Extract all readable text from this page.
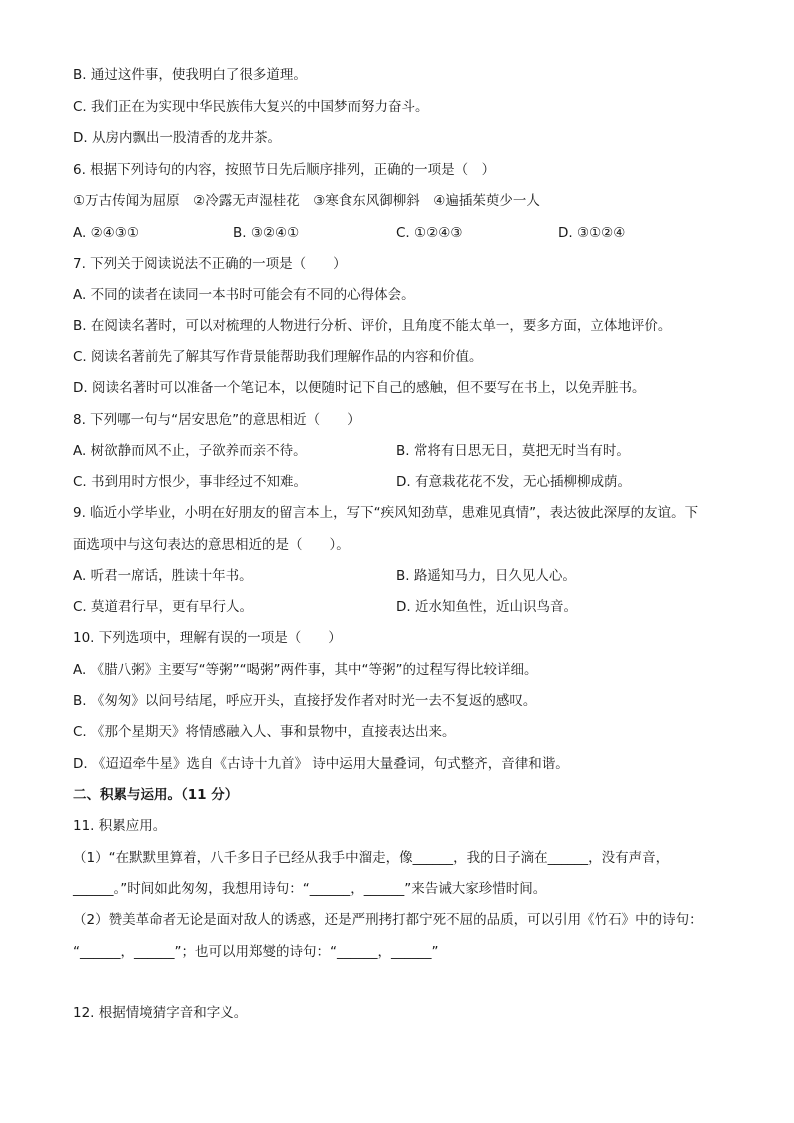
B. 通过这件事，使我明白了很多道理。
C. 我们正在为实现中华民族伟大复兴的中国梦而努力奋斗。
D. 从房内飘出一股清香的龙井茶。
6. 根据下列诗句的内容，按照节日先后顺序排列，正确的一项是（　）
①万古传闻为屈原　②冷露无声湿桂花　③寒食东风御柳斜　④遍插茱萸少一人
A. ②④③①	B. ③②④①	C. ①②④③	D. ③①②④
7. 下列关于阅读说法不正确的一项是（　　）
A. 不同的读者在读同一本书时可能会有不同的心得体会。
B. 在阅读名著时，可以对梳理的人物进行分析、评价，且角度不能太单一，要多方面，立体地评价。
C. 阅读名著前先了解其写作背景能帮助我们理解作品的内容和价值。
D. 阅读名著时可以准备一个笔记本，以便随时记下自己的感触，但不要写在书上，以免弄脏书。
8. 下列哪一句与“居安思危”的意思相近（　　）
A. 树欲静而风不止，子欲养而亲不待。	B. 常将有日思无日，莫把无时当有时。
C. 书到用时方恨少，事非经过不知难。	D. 有意栽花花不发，无心插柳柳成荫。
9. 临近小学毕业，小明在好朋友的留言本上，写下“疾风知劲草，患难见真情”，表达彼此深厚的友谊。下
面选项中与这句表达的意思相近的是（　　）。
A. 听君一席话，胜读十年书。	B. 路遥知马力，日久见人心。
C. 莫道君行早，更有早行人。	D. 近水知鱼性，近山识鸟音。
10. 下列选项中，理解有误的一项是（　　）
A. 《腊八粥》主要写“等粥”“喝粥”两件事，其中“等粥”的过程写得比较详细。
B. 《匆匆》以问号结尾，呼应开头，直接抒发作者对时光一去不复返的感叹。
C. 《那个星期天》将情感融入人、事和景物中，直接表达出来。
D. 《迢迢牵牛星》选自《古诗十九首》 诗中运用大量叠词，句式整齐，音律和谐。
二、积累与运用。（11 分）
11. 积累应用。
（1）“在默默里算着，八千多日子已经从我手中溜走，像______，我的日子滴在______，没有声音，
______。”时间如此匆匆，我想用诗句：“______，______”来告诫大家珍惜时间。
（2）赞美革命者无论是面对敌人的诱惑，还是严刑拷打都宁死不屈的品质，可以引用《竹石》中的诗句：
“______，______”；也可以用郑燮的诗句：“______，______”
12. 根据情境猜字音和字义。
